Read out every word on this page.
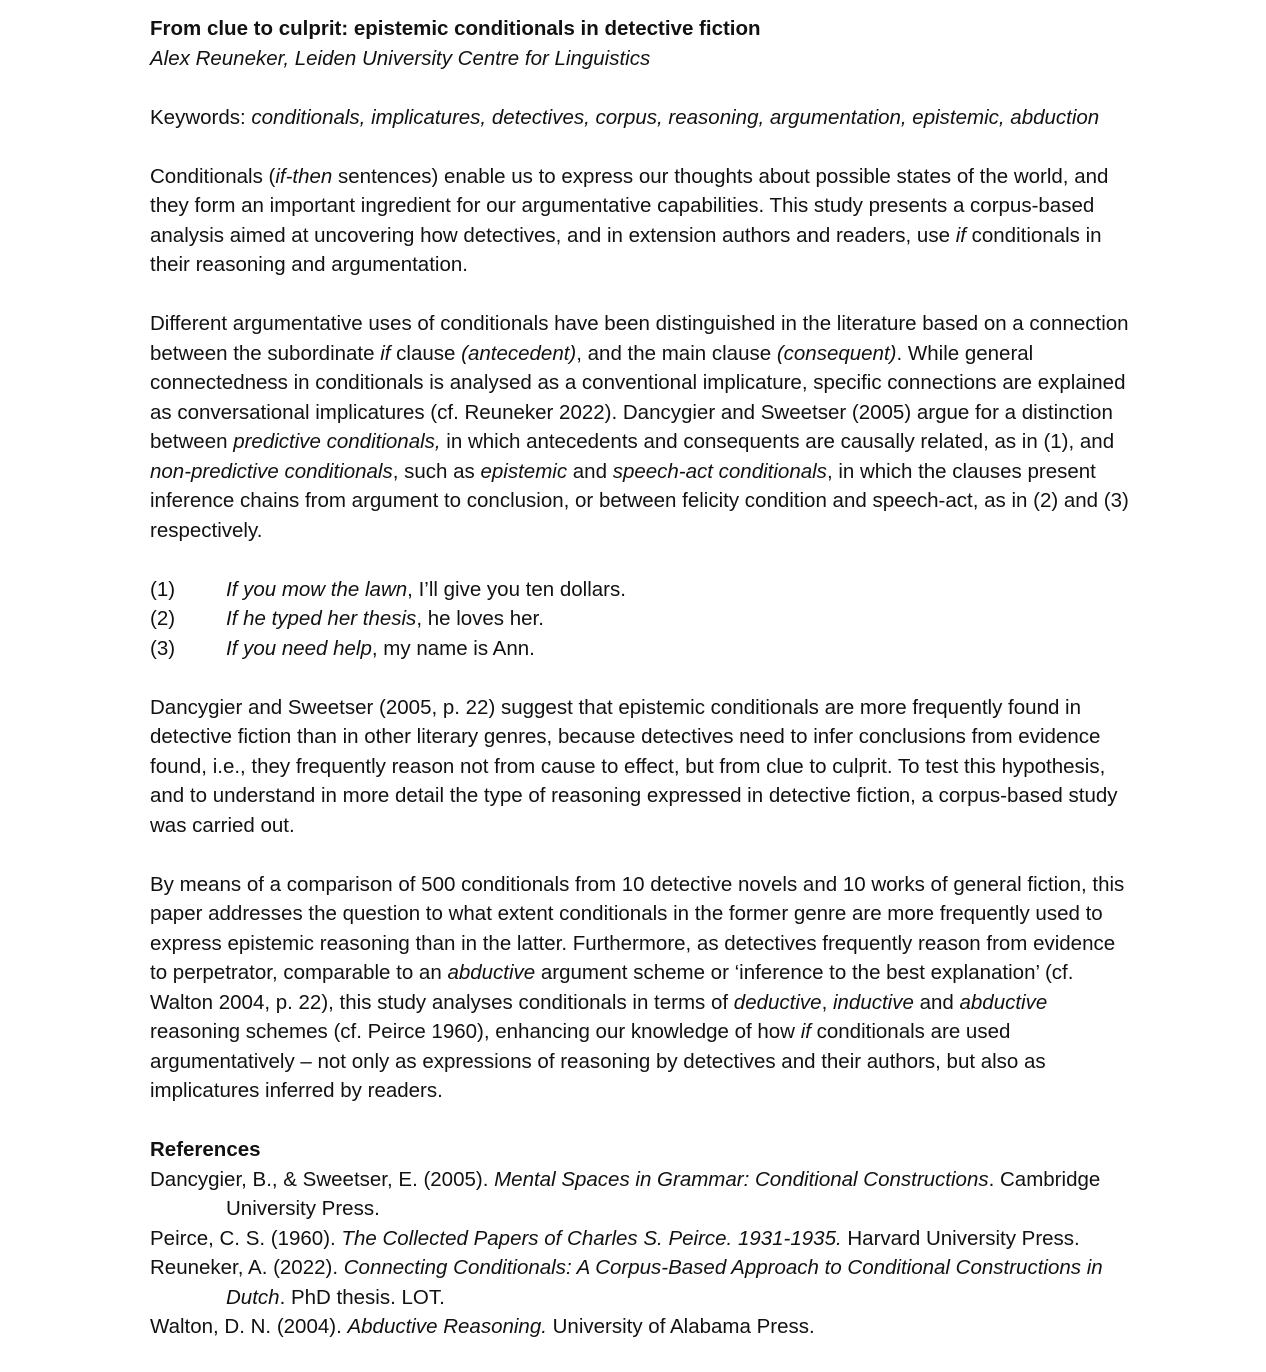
From clue to culprit: epistemic conditionals in detective fiction

Alex Reuneker, Leiden University Centre for Linguistics

Keywords: conditionals, implicatures, detectives, corpus, reasoning, argumentation, epistemic, abduction

Conditionals (if-then sentences) enable us to express our thoughts about possible states of the world, and they form an important ingredient for our argumentative capabilities. This study presents a corpus-based analysis aimed at uncovering how detectives, and in extension authors and readers, use if conditionals in their reasoning and argumentation.

Different argumentative uses of conditionals have been distinguished in the literature based on a connection between the subordinate if clause (antecedent), and the main clause (consequent). While general connectedness in conditionals is analysed as a conventional implicature, specific connections are explained as conversational implicatures (cf. Reuneker 2022). Dancygier and Sweetser (2005) argue for a distinction between predictive conditionals, in which antecedents and consequents are causally related, as in (1), and non-predictive conditionals, such as epistemic and speech-act conditionals, in which the clauses present inference chains from argument to conclusion, or between felicity condition and speech-act, as in (2) and (3) respectively.

(1)	If you mow the lawn, I’ll give you ten dollars.
(2)	If he typed her thesis, he loves her.
(3)	If you need help, my name is Ann.

Dancygier and Sweetser (2005, p. 22) suggest that epistemic conditionals are more frequently found in detective fiction than in other literary genres, because detectives need to infer conclusions from evidence found, i.e., they frequently reason not from cause to effect, but from clue to culprit. To test this hypothesis, and to understand in more detail the type of reasoning expressed in detective fiction, a corpus-based study was carried out.

By means of a comparison of 500 conditionals from 10 detective novels and 10 works of general fiction, this paper addresses the question to what extent conditionals in the former genre are more frequently used to express epistemic reasoning than in the latter. Furthermore, as detectives frequently reason from evidence to perpetrator, comparable to an abductive argument scheme or ‘inference to the best explanation’ (cf. Walton 2004, p. 22), this study analyses conditionals in terms of deductive, inductive and abductive reasoning schemes (cf. Peirce 1960), enhancing our knowledge of how if conditionals are used argumentatively – not only as expressions of reasoning by detectives and their authors, but also as implicatures inferred by readers.

References

Dancygier, B., & Sweetser, E. (2005). Mental Spaces in Grammar: Conditional Constructions. Cambridge University Press.

Peirce, C. S. (1960). The Collected Papers of Charles S. Peirce. 1931-1935. Harvard University Press.

Reuneker, A. (2022). Connecting Conditionals: A Corpus-Based Approach to Conditional Constructions in Dutch. PhD thesis. LOT.

Walton, D. N. (2004). Abductive Reasoning. University of Alabama Press.
